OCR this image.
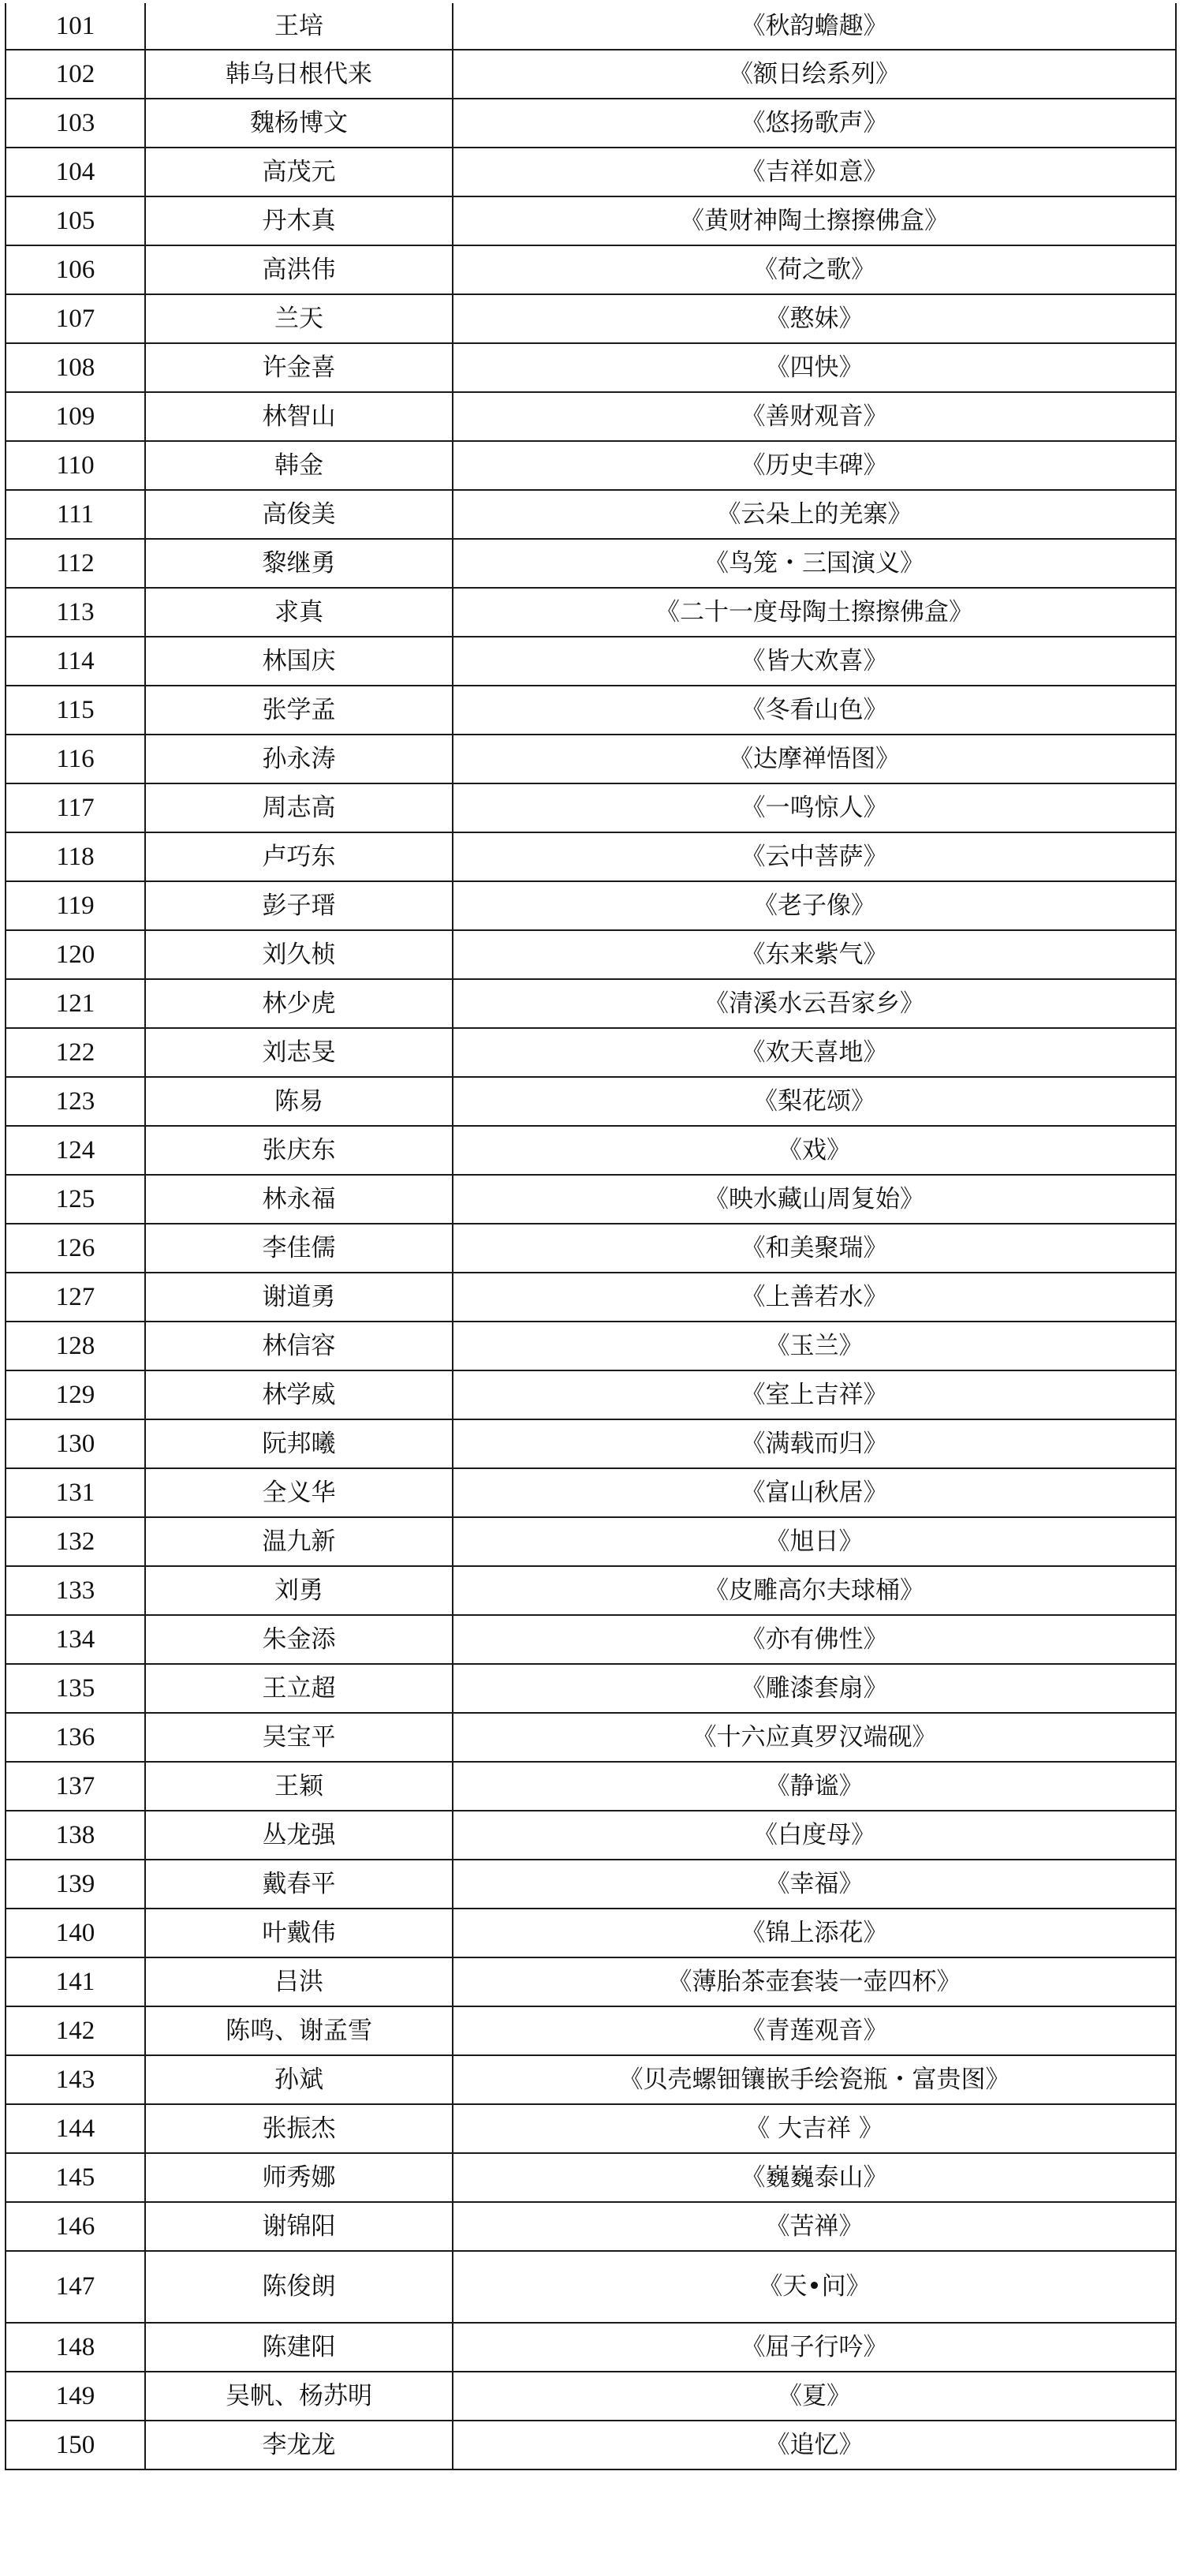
101	王培	《秋韵蟾趣》
102	韩乌日根代来	《额日绘系列》
103	魏杨博文	《悠扬歌声》
104	高茂元	《吉祥如意》
105	丹木真	《黄财神陶土擦擦佛盒》
106	高洪伟	《荷之歌》
107	兰天	《憨妹》
108	许金喜	《四快》
109	林智山	《善财观音》
110	韩金	《历史丰碑》
111	高俊美	《云朵上的羌寨》
112	黎继勇	《鸟笼・三国演义》
113	求真	《二十一度母陶土擦擦佛盒》
114	林国庆	《皆大欢喜》
115	张学孟	《冬看山色》
116	孙永涛	《达摩禅悟图》
117	周志高	《一鸣惊人》
118	卢巧东	《云中菩萨》
119	彭子瑨	《老子像》
120	刘久桢	《东来紫气》
121	林少虎	《清溪水云吾家乡》
122	刘志旻	《欢天喜地》
123	陈易	《梨花颂》
124	张庆东	《戏》
125	林永福	《映水藏山周复始》
126	李佳儒	《和美聚瑞》
127	谢道勇	《上善若水》
128	林信容	《玉兰》
129	林学威	《室上吉祥》
130	阮邦曦	《满载而归》
131	全义华	《富山秋居》
132	温九新	《旭日》
133	刘勇	《皮雕高尔夫球桶》
134	朱金添	《亦有佛性》
135	王立超	《雕漆套扇》
136	吴宝平	《十六应真罗汉端砚》
137	王颖	《静谧》
138	丛龙强	《白度母》
139	戴春平	《幸福》
140	叶戴伟	《锦上添花》
141	吕洪	《薄胎茶壶套装一壶四杯》
142	陈鸣、谢孟雪	《青莲观音》
143	孙斌	《贝壳螺钿镶嵌手绘瓷瓶・富贵图》
144	张振杰	《 大吉祥 》
145	师秀娜	《巍巍泰山》
146	谢锦阳	《苦禅》
147	陈俊朗	《天•问》
148	陈建阳	《屈子行吟》
149	吴帆、杨苏明	《夏》
150	李龙龙	《追忆》
